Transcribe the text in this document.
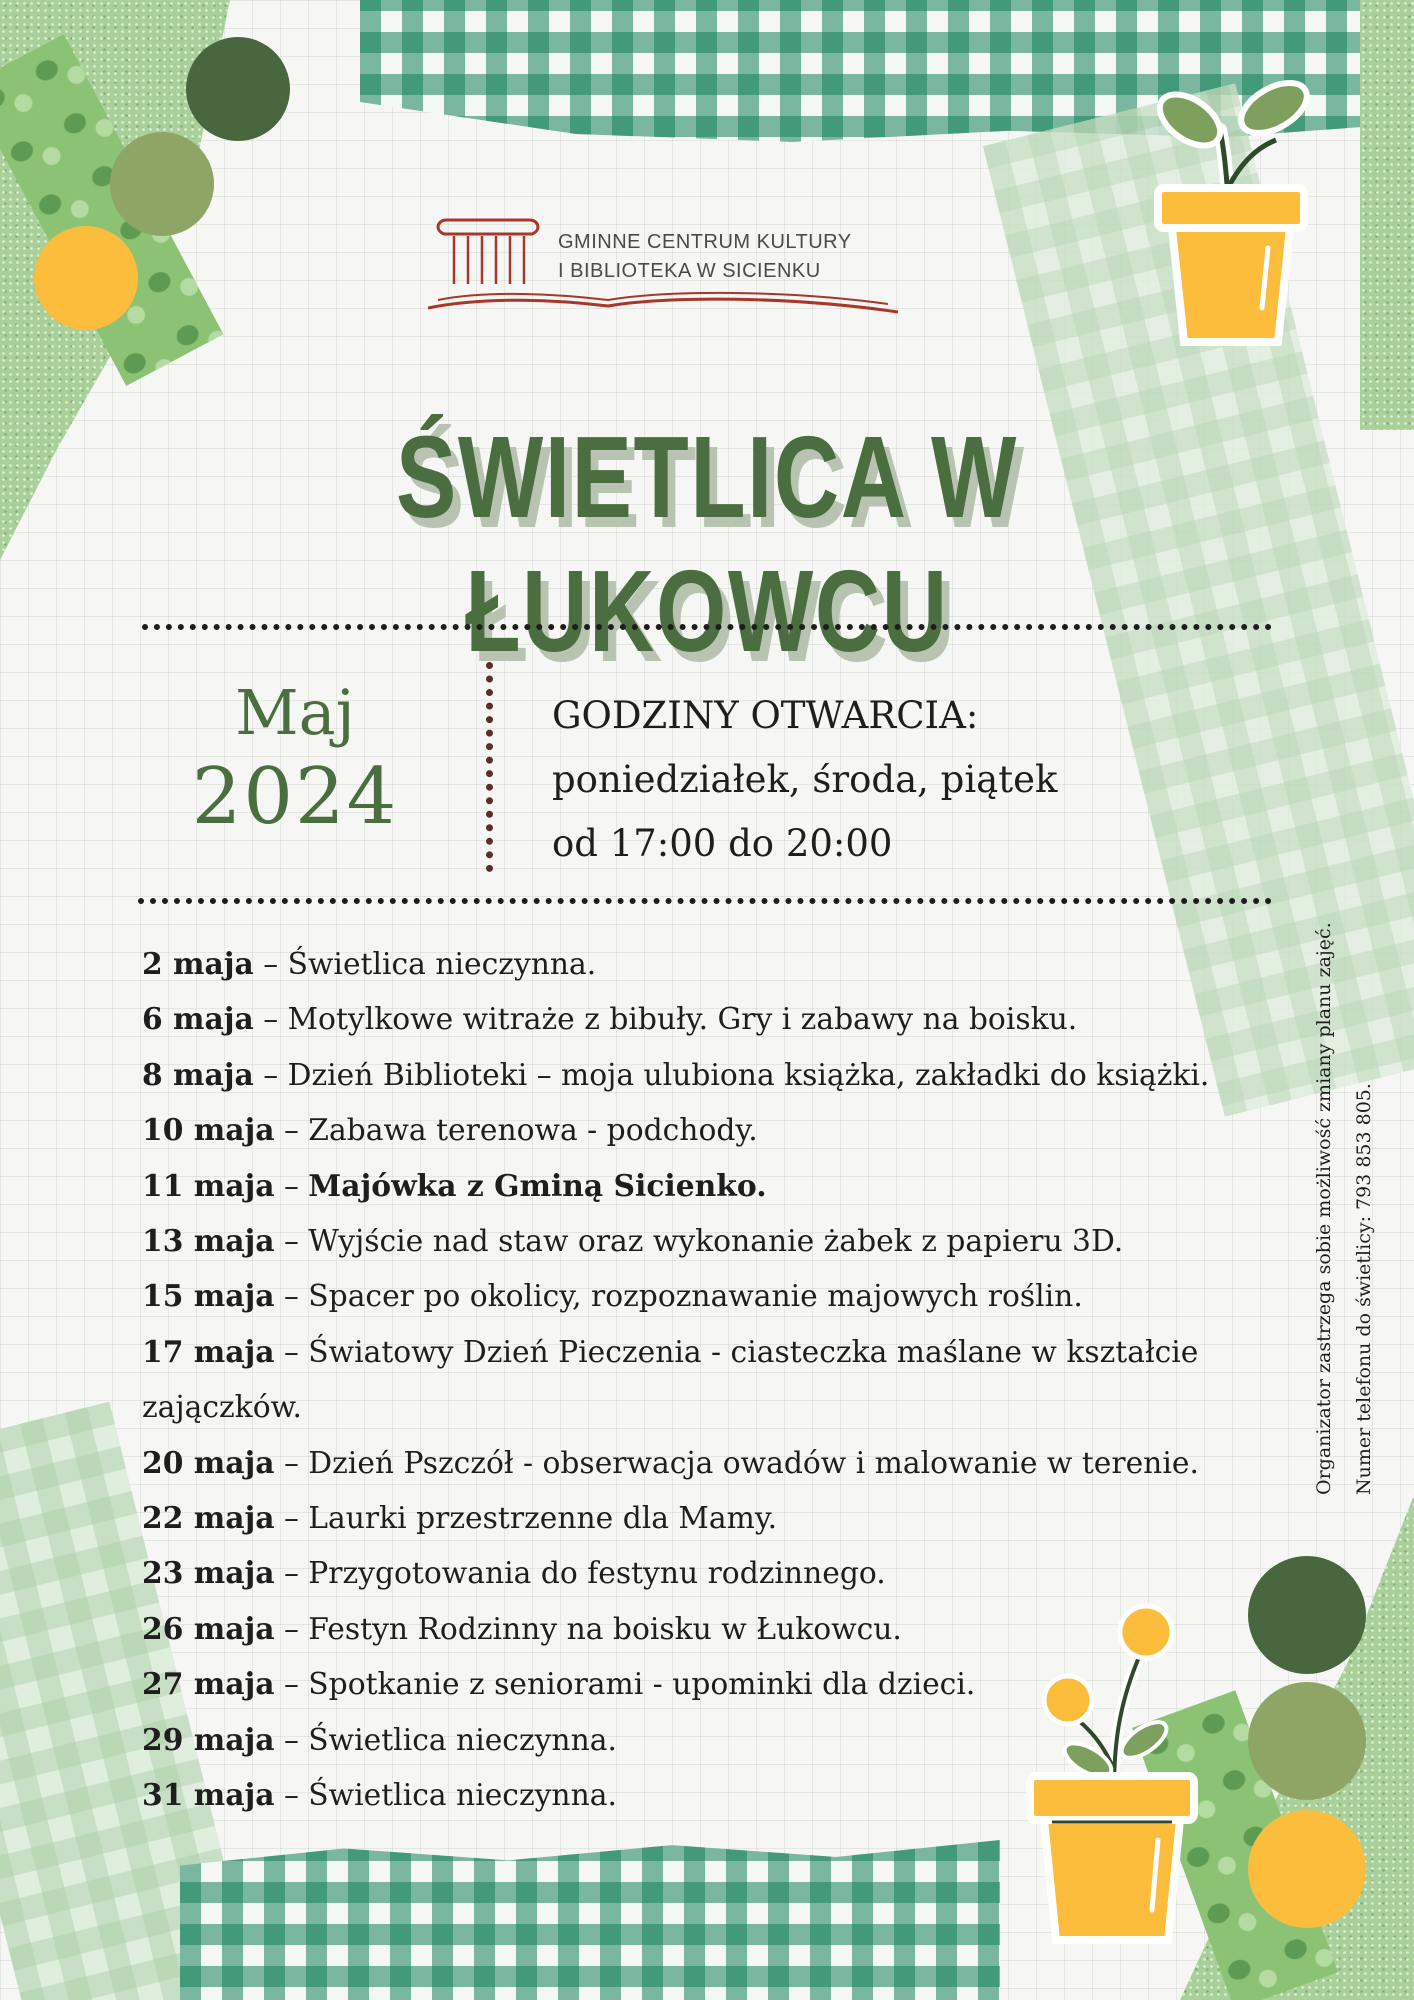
GMINNE CENTRUM KULTURY
I BIBLIOTEKA W SICIENKU
ŚWIETLICA W ŁUKOWCU
Maj
2024
GODZINY OTWARCIA:
poniedziałek, środa, piątek
od 17:00 do 20:00
2 maja – Świetlica nieczynna.
6 maja – Motylkowe witraże z bibuły. Gry i zabawy na boisku.
8 maja – Dzień Biblioteki – moja ulubiona książka, zakładki do książki.
10 maja – Zabawa terenowa - podchody.
11 maja – Majówka z Gminą Sicienko.
13 maja – Wyjście nad staw oraz wykonanie żabek z papieru 3D.
15 maja – Spacer po okolicy, rozpoznawanie majowych roślin.
17 maja – Światowy Dzień Pieczenia - ciasteczka maślane w kształcie
zajączków.
20 maja – Dzień Pszczół - obserwacja owadów i malowanie w terenie.
22 maja – Laurki przestrzenne dla Mamy.
23 maja – Przygotowania do festynu rodzinnego.
26 maja – Festyn Rodzinny na boisku w Łukowcu.
27 maja – Spotkanie z seniorami - upominki dla dzieci.
29 maja – Świetlica nieczynna.
31 maja – Świetlica nieczynna.
Organizator zastrzega sobie możliwość zmiany planu zajęć. Numer telefonu do świetlicy: 793 853 805.
